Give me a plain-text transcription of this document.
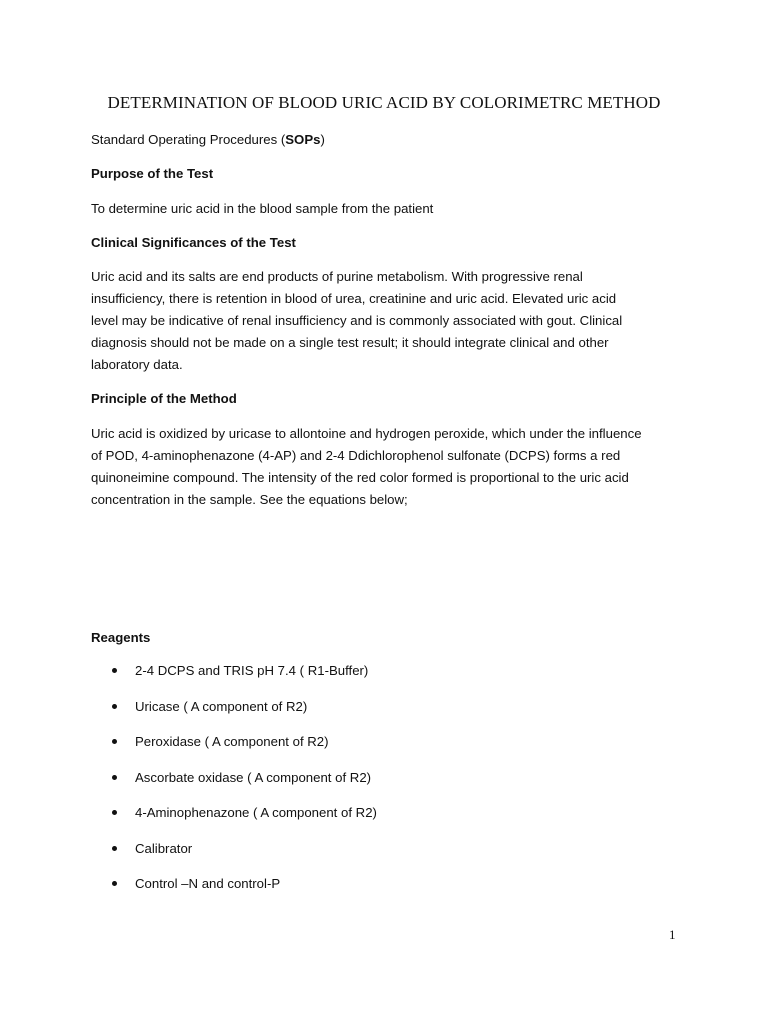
DETERMINATION OF BLOOD URIC ACID BY COLORIMETRC METHOD

Standard Operating Procedures (SOPs)

Purpose of the Test

To determine uric acid in the blood sample from the patient

Clinical Significances of the Test

Uric acid and its salts are end products of purine metabolism. With progressive renal
insufficiency, there is retention in blood of urea, creatinine and uric acid. Elevated uric acid
level may be indicative of renal insufficiency and is commonly associated with gout. Clinical
diagnosis should not be made on a single test result; it should integrate clinical and other
laboratory data.

Principle of the Method

Uric acid is oxidized by uricase to allontoine and hydrogen peroxide, which under the influence
of POD, 4-aminophenazone (4-AP) and 2-4 Ddichlorophenol sulfonate (DCPS) forms a red
quinoneimine compound. The intensity of the red color formed is proportional to the uric acid
concentration in the sample. See the equations below;

Reagents

2-4 DCPS and TRIS pH 7.4 ( R1-Buffer)
Uricase ( A component of R2)
Peroxidase ( A component of R2)
Ascorbate oxidase ( A component of R2)
4-Aminophenazone ( A component of R2)
Calibrator
Control –N and control-P
1
